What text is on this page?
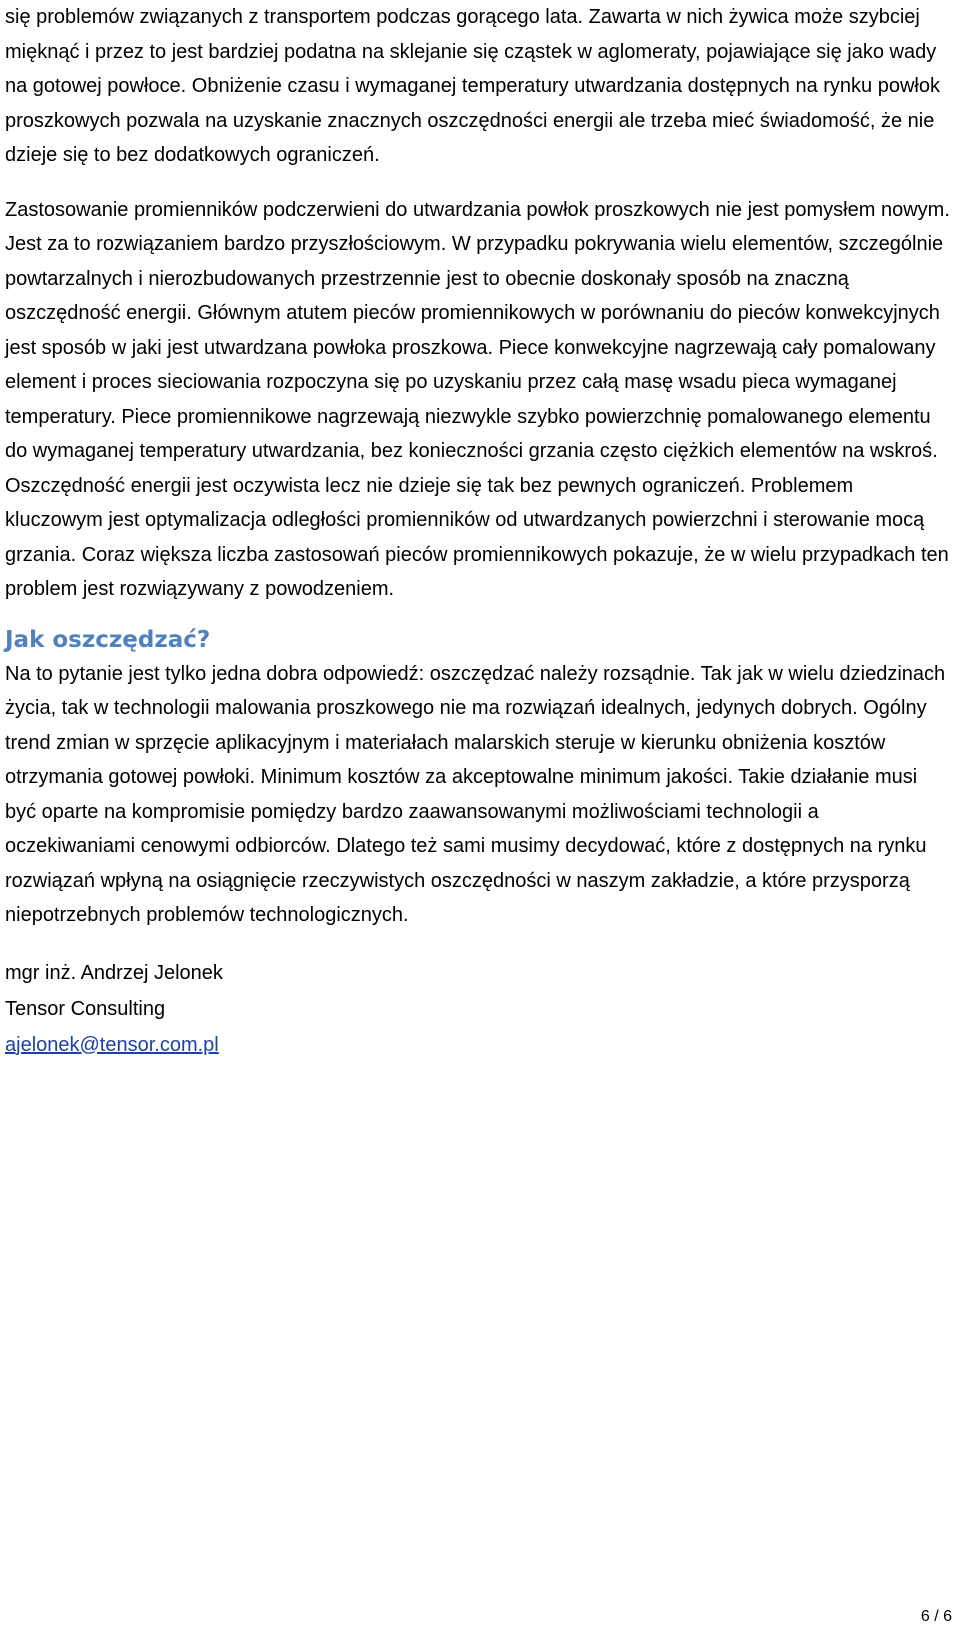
się problemów związanych z transportem podczas gorącego lata. Zawarta w nich żywica może szybciej mięknąć i przez to jest bardziej podatna na sklejanie się cząstek w aglomeraty, pojawiające się jako wady na gotowej powłoce. Obniżenie czasu i wymaganej temperatury utwardzania dostępnych na rynku powłok proszkowych pozwala na uzyskanie znacznych oszczędności energii ale trzeba mieć świadomość, że nie dzieje się to bez dodatkowych ograniczeń.

Zastosowanie promienników podczerwieni do utwardzania powłok proszkowych nie jest pomysłem nowym. Jest za to rozwiązaniem bardzo przyszłościowym. W przypadku pokrywania wielu elementów, szczególnie powtarzalnych i nierozbudowanych przestrzennie jest to obecnie doskonały sposób na znaczną oszczędność energii. Głównym atutem pieców promiennikowych w porównaniu do pieców konwekcyjnych jest sposób w jaki jest utwardzana powłoka proszkowa. Piece konwekcyjne nagrzewają cały pomalowany element i proces sieciowania rozpoczyna się po uzyskaniu przez całą masę wsadu pieca wymaganej temperatury. Piece promiennikowe nagrzewają niezwykle szybko powierzchnię pomalowanego elementu do wymaganej temperatury utwardzania, bez konieczności grzania często ciężkich elementów na wskroś. Oszczędność energii jest oczywista lecz nie dzieje się tak bez pewnych ograniczeń. Problemem kluczowym jest optymalizacja odległości promienników od utwardzanych powierzchni i sterowanie mocą grzania. Coraz większa liczba zastosowań pieców promiennikowych pokazuje, że w wielu przypadkach ten problem jest rozwiązywany z powodzeniem.

Jak oszczędzać?

Na to pytanie jest tylko jedna dobra odpowiedź: oszczędzać należy rozsądnie. Tak jak w wielu dziedzinach życia, tak w technologii malowania proszkowego nie ma rozwiązań idealnych, jedynych dobrych. Ogólny trend zmian w sprzęcie aplikacyjnym i materiałach malarskich steruje w kierunku obniżenia kosztów otrzymania gotowej powłoki. Minimum kosztów za akceptowalne minimum jakości. Takie działanie musi być oparte na kompromisie pomiędzy bardzo zaawansowanymi możliwościami technologii a oczekiwaniami cenowymi odbiorców. Dlatego też sami musimy decydować, które z dostępnych na rynku rozwiązań wpłyną na osiągnięcie rzeczywistych oszczędności w naszym zakładzie, a które przysporzą niepotrzebnych problemów technologicznych.

mgr inż. Andrzej Jelonek
Tensor Consulting
ajelonek@tensor.com.pl
6 / 6
